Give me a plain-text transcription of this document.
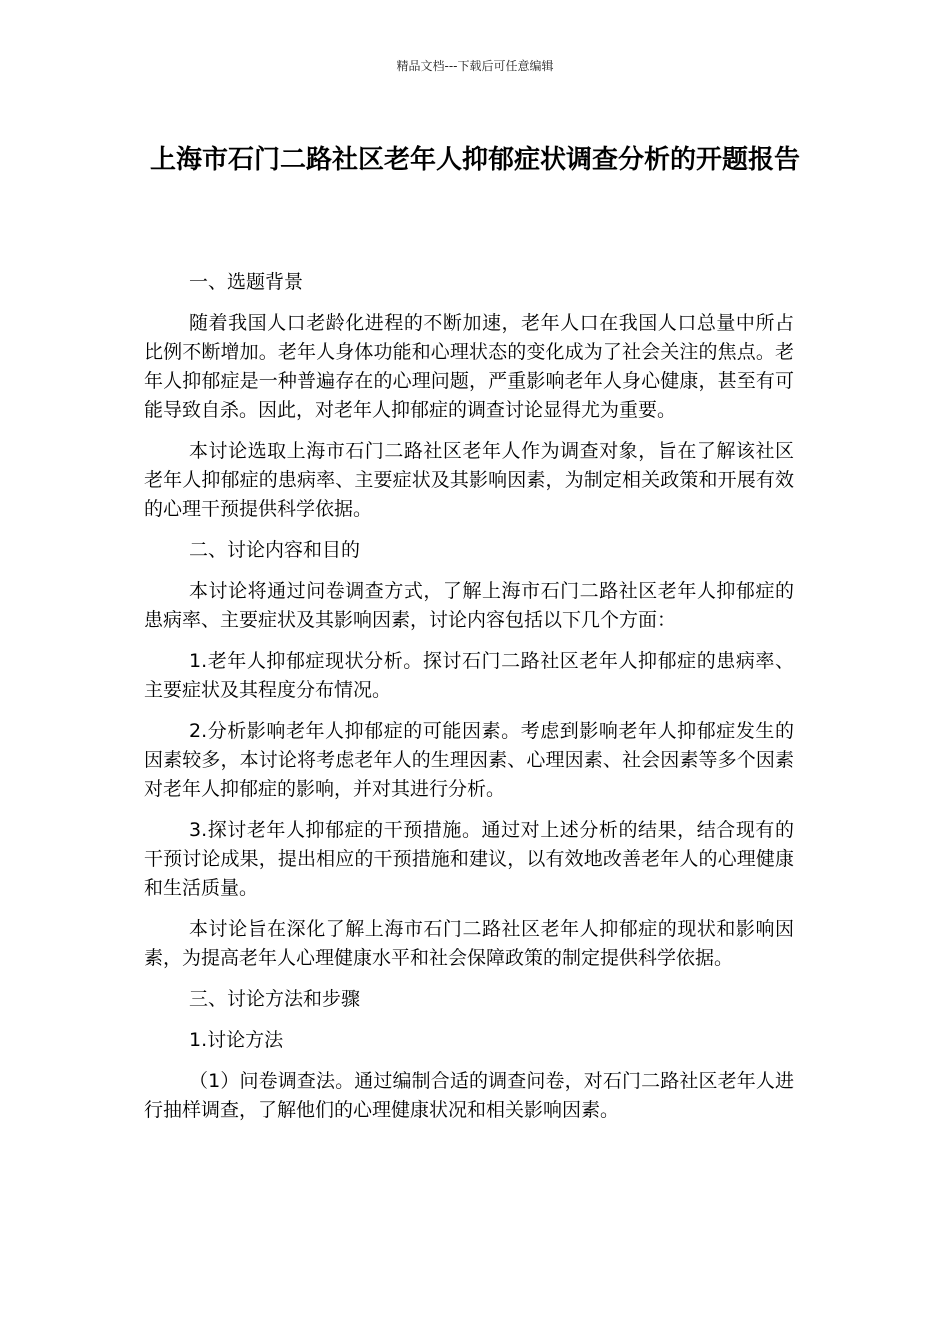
精品文档---下载后可任意编辑
上海市石门二路社区老年人抑郁症状调查分析的开题报告
一、选题背景

随着我国人口老龄化进程的不断加速，老年人口在我国人口总量中所占比例不断增加。老年人身体功能和心理状态的变化成为了社会关注的焦点。老年人抑郁症是一种普遍存在的心理问题，严重影响老年人身心健康，甚至有可能导致自杀。因此，对老年人抑郁症的调查讨论显得尤为重要。

本讨论选取上海市石门二路社区老年人作为调查对象，旨在了解该社区老年人抑郁症的患病率、主要症状及其影响因素，为制定相关政策和开展有效的心理干预提供科学依据。

二、讨论内容和目的

本讨论将通过问卷调查方式，了解上海市石门二路社区老年人抑郁症的患病率、主要症状及其影响因素，讨论内容包括以下几个方面：

1.老年人抑郁症现状分析。探讨石门二路社区老年人抑郁症的患病率、主要症状及其程度分布情况。

2.分析影响老年人抑郁症的可能因素。考虑到影响老年人抑郁症发生的因素较多，本讨论将考虑老年人的生理因素、心理因素、社会因素等多个因素对老年人抑郁症的影响，并对其进行分析。

3.探讨老年人抑郁症的干预措施。通过对上述分析的结果，结合现有的干预讨论成果，提出相应的干预措施和建议，以有效地改善老年人的心理健康和生活质量。

本讨论旨在深化了解上海市石门二路社区老年人抑郁症的现状和影响因素，为提高老年人心理健康水平和社会保障政策的制定提供科学依据。

三、讨论方法和步骤
1.讨论方法

（1）问卷调查法。通过编制合适的调查问卷，对石门二路社区老年人进行抽样调查，了解他们的心理健康状况和相关影响因素。
